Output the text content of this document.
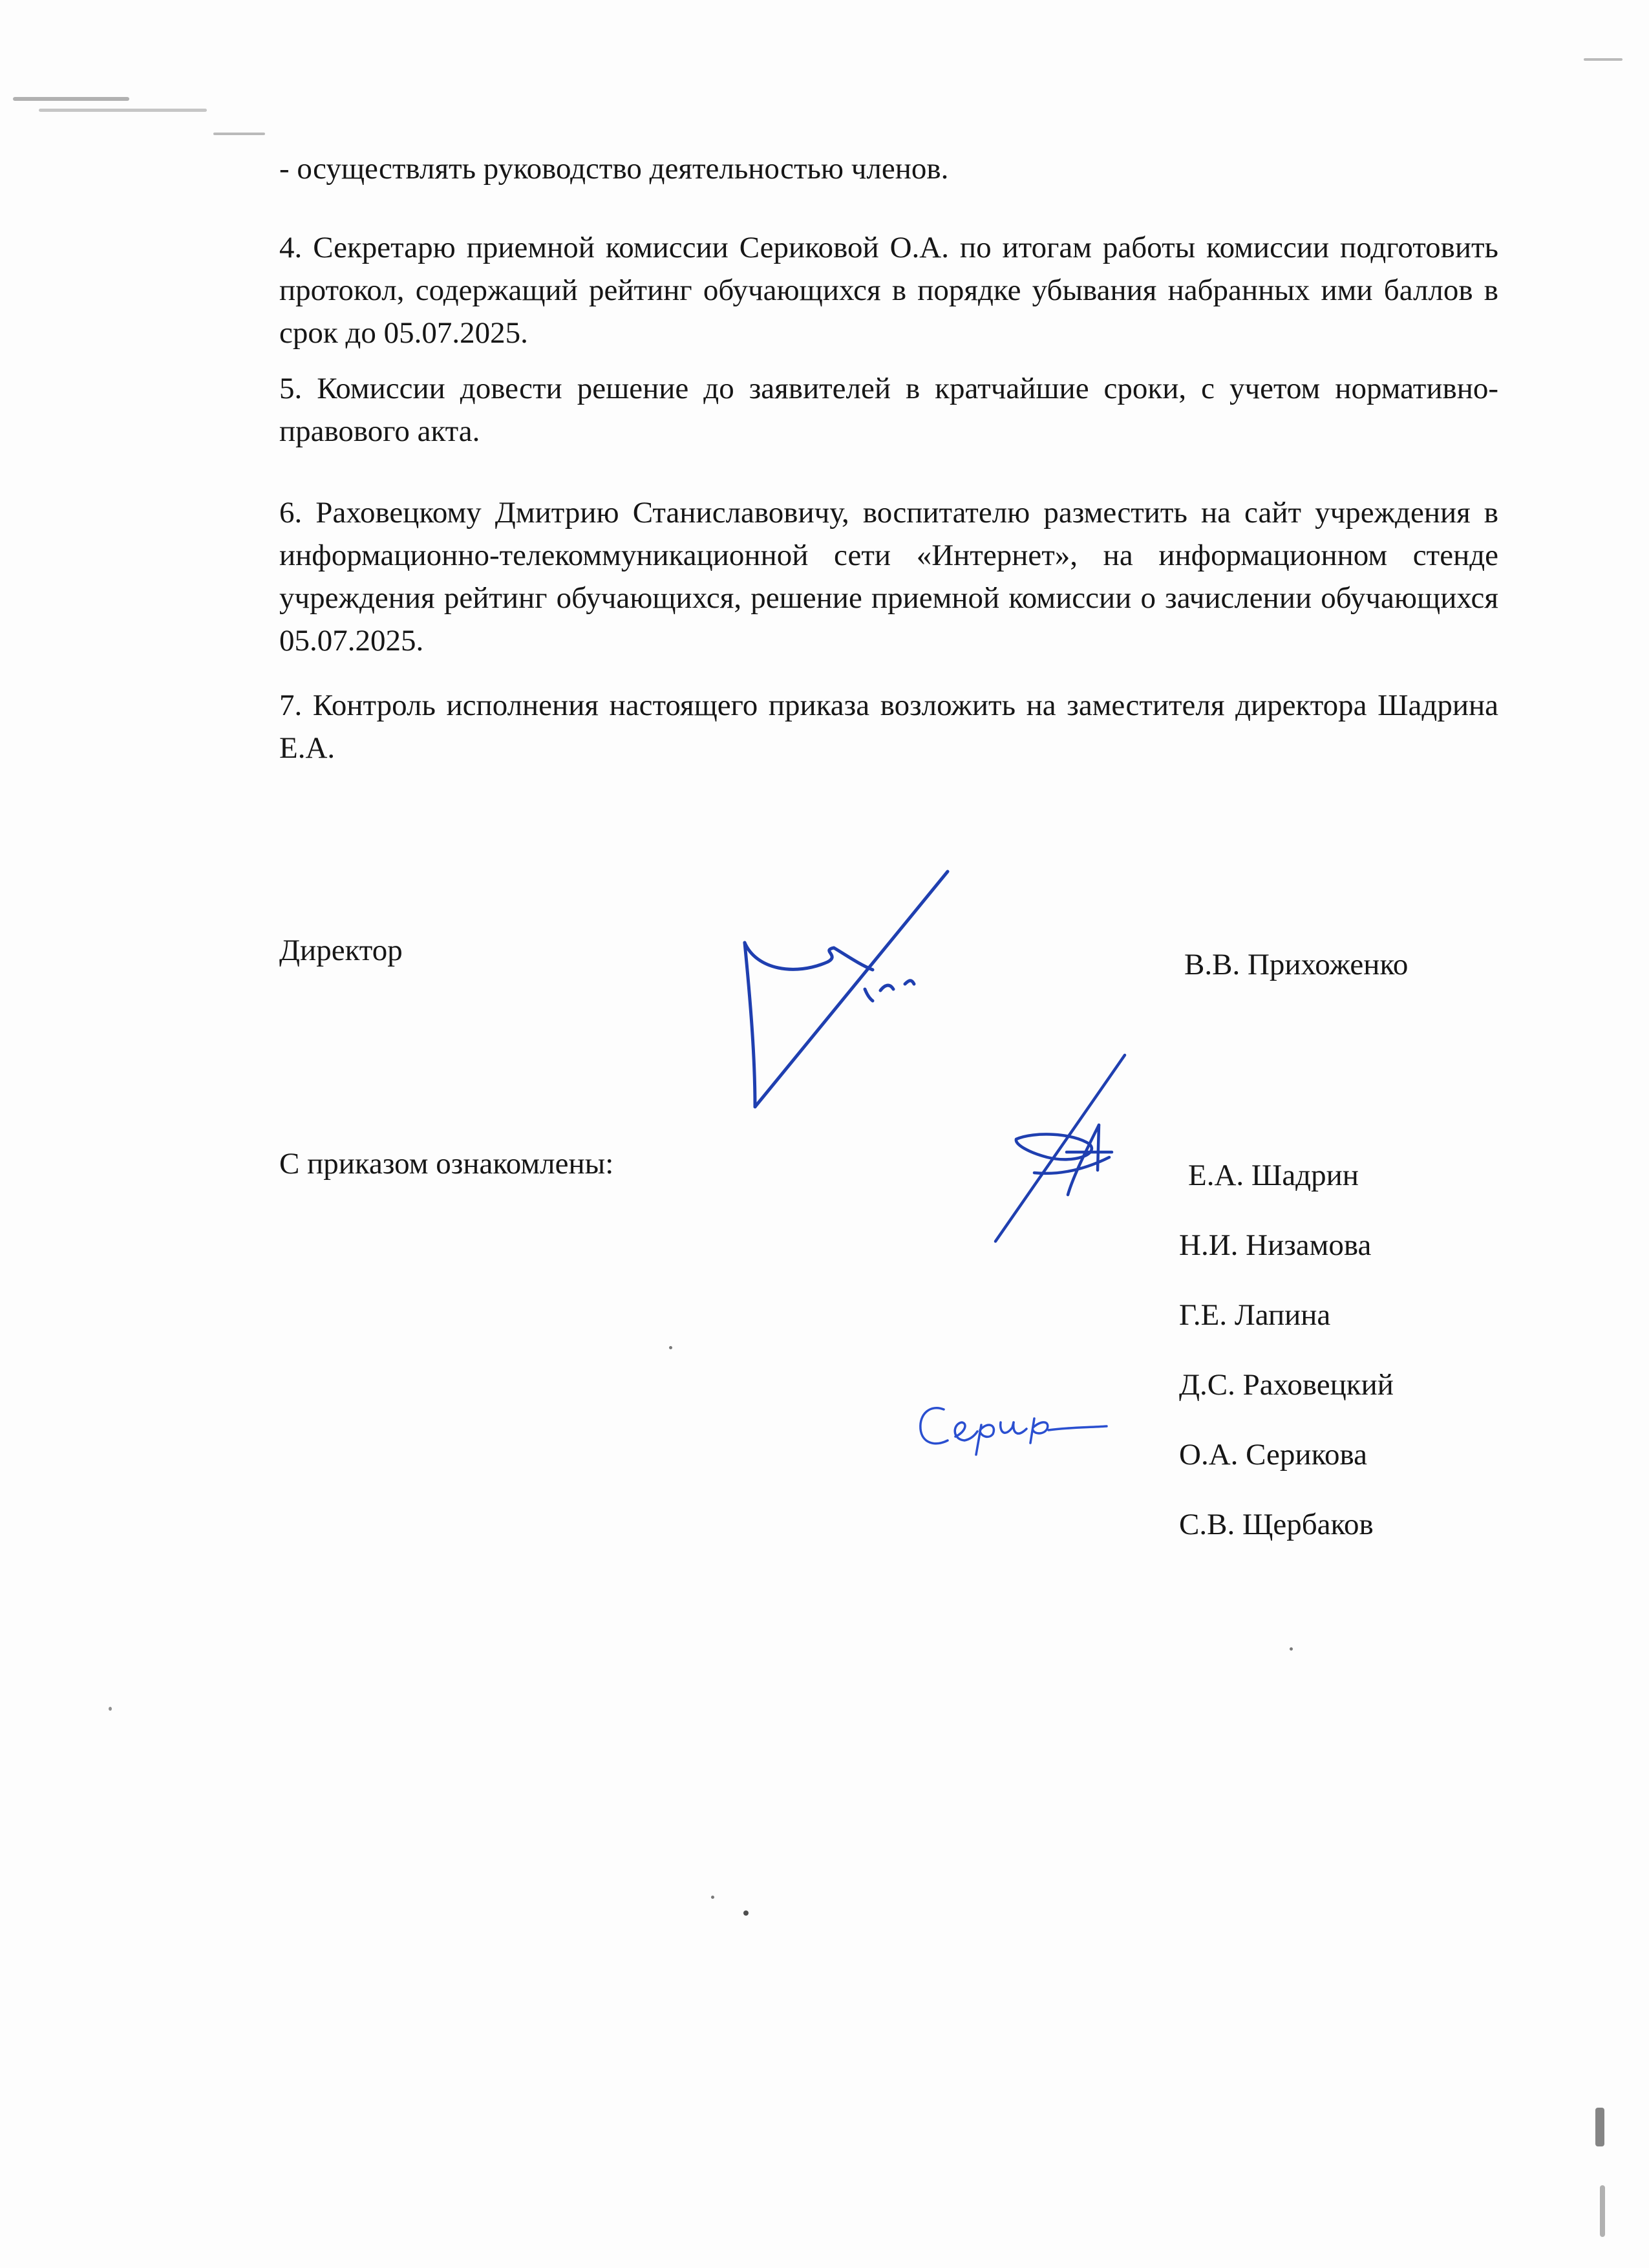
- осуществлять руководство деятельностью членов.

4. Секретарю приемной комиссии Сериковой О.А. по итогам работы комиссии подготовить протокол, содержащий рейтинг обучающихся в порядке убывания набранных ими баллов в срок до 05.07.2025.

5. Комиссии довести решение до заявителей в кратчайшие сроки, с учетом нормативно-правового акта.

6. Раховецкому Дмитрию Станиславовичу, воспитателю разместить на сайт учреждения в информационно-телекоммуникационной сети «Интернет», на информационном стенде учреждения рейтинг обучающихся, решение приемной комиссии о зачислении обучающихся 05.07.2025.

7. Контроль исполнения настоящего приказа возложить на заместителя директора Шадрина Е.А.

Директор	В.В. Прихоженко

С приказом ознакомлены:	Е.А. Шадрин

Н.И. Низамова

Г.Е. Лапина

Д.С. Раховецкий

О.А. Серикова

С.В. Щербаков
